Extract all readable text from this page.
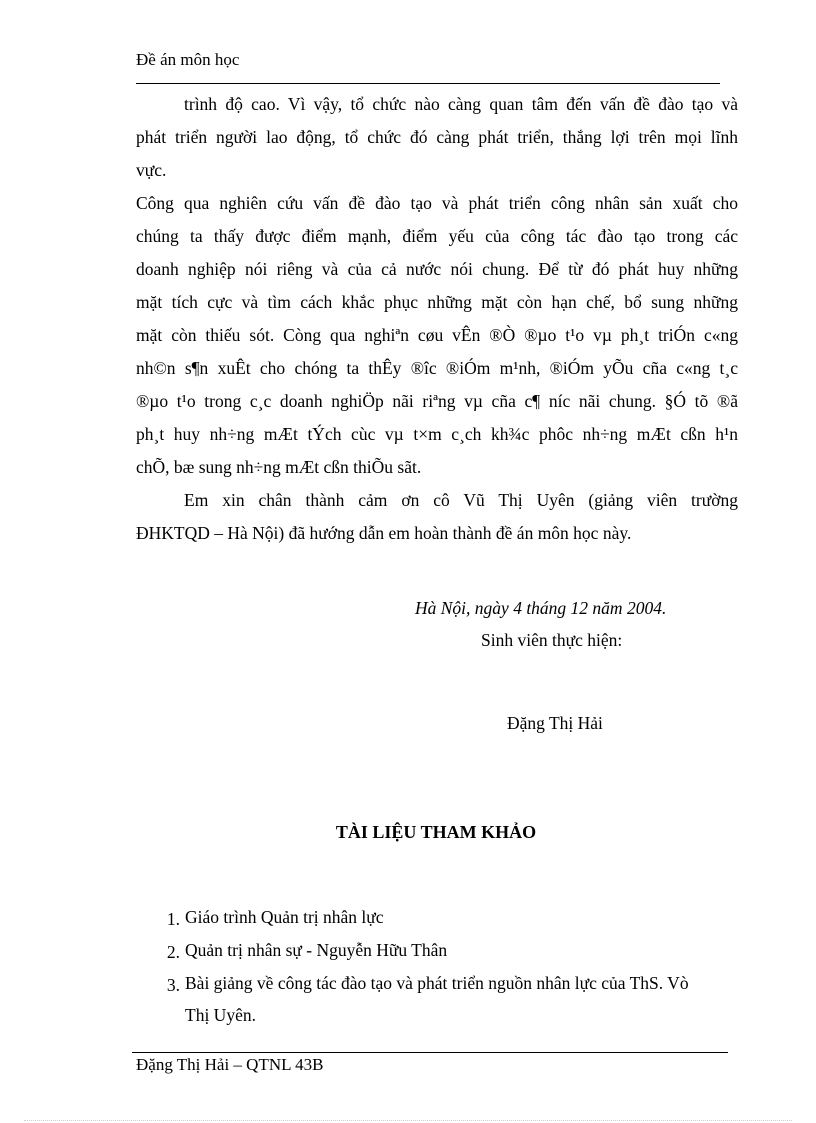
Đề án môn học
trình độ cao. Vì vậy, tổ chức nào càng quan tâm đến vấn đề đào tạo và
phát triển người lao động, tổ chức đó càng phát triển, thắng lợi trên mọi lĩnh
vực.
Công qua nghiên cứu vấn đề đào tạo và phát triển công nhân sản xuất cho
chúng ta thấy được điểm mạnh, điểm yếu của công tác đào tạo trong các
doanh nghiệp nói riêng và của cả nước nói chung. Để từ đó phát huy những
mặt tích cực và tìm cách khắc phục những mặt còn hạn chế, bổ sung những
mặt còn thiếu sót. Còng qua nghiªn cøu vÊn ®Ò ®µo t¹o vµ ph¸t triÓn c«ng
nh©n s¶n xuÊt cho chóng ta thÊy ®îc ®iÓm m¹nh, ®iÓm yÕu cña c«ng t¸c
®µo t¹o trong c¸c doanh nghiÖp nãi riªng vµ cña c¶ níc nãi chung. §Ó tõ ®ã
ph¸t huy nh÷ng mÆt tÝch cùc vµ t×m c¸ch kh¾c phôc nh÷ng mÆt cßn h¹n
chÕ, bæ sung nh÷ng mÆt cßn thiÕu sãt.
Em xin chân thành cảm ơn cô Vũ Thị Uyên (giảng viên trường
ĐHKTQD – Hà Nội) đã hướng dẫn em hoàn thành đề án môn học này.
Hà Nội, ngày 4 tháng 12 năm 2004.
Sinh viên thực hiện:
Đặng Thị Hải
TÀI LIỆU THAM KHẢO
1. Giáo trình Quản trị nhân lực
2. Quản trị nhân sự - Nguyễn Hữu Thân
3. Bài giảng về công tác đào tạo và phát triển nguồn nhân lực của ThS. Vò
Thị Uyên.
Đặng Thị Hải – QTNL 43B
